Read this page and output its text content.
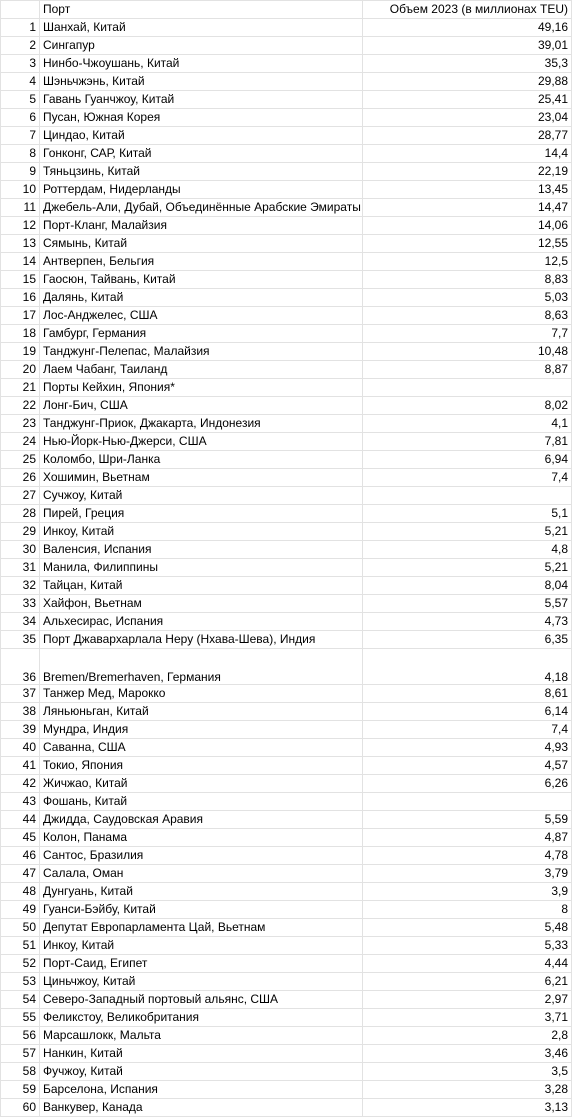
	Порт	Объем 2023 (в миллионах TEU)
1	Шанхай, Китай	49,16
2	Сингапур	39,01
3	Нинбо-Чжоушань, Китай	35,3
4	Шэньчжэнь, Китай	29,88
5	Гавань Гуанчжоу, Китай	25,41
6	Пусан, Южная Корея	23,04
7	Циндао, Китай	28,77
8	Гонконг, САР, Китай	14,4
9	Тяньцзинь, Китай	22,19
10	Роттердам, Нидерланды	13,45
11	Джебель-Али, Дубай, Объединённые Арабские Эмираты	14,47
12	Порт-Кланг, Малайзия	14,06
13	Сямынь, Китай	12,55
14	Антверпен, Бельгия	12,5
15	Гаосюн, Тайвань, Китай	8,83
16	Далянь, Китай	5,03
17	Лос-Анджелес, США	8,63
18	Гамбург, Германия	7,7
19	Танджунг-Пелепас, Малайзия	10,48
20	Лаем Чабанг, Таиланд	8,87
21	Порты Кейхин, Япония*	
22	Лонг-Бич, США	8,02
23	Танджунг-Приок, Джакарта, Индонезия	4,1
24	Нью-Йорк-Нью-Джерси, США	7,81
25	Коломбо, Шри-Ланка	6,94
26	Хошимин, Вьетнам	7,4
27	Сучжоу, Китай	
28	Пирей, Греция	5,1
29	Инкоу, Китай	5,21
30	Валенсия, Испания	4,8
31	Манила, Филиппины	5,21
32	Тайцан, Китай	8,04
33	Хайфон, Вьетнам	5,57
34	Альхесирас, Испания	4,73
35	Порт Джавархарлала Неру (Нхава-Шева), Индия	6,35
36	Bremen/Bremerhaven, Германия	4,18
37	Танжер Мед, Марокко	8,61
38	Ляньюньган, Китай	6,14
39	Мундра, Индия	7,4
40	Саванна, США	4,93
41	Токио, Япония	4,57
42	Жичжао, Китай	6,26
43	Фошань, Китай	
44	Джидда, Саудовская Аравия	5,59
45	Колон, Панама	4,87
46	Сантос, Бразилия	4,78
47	Салала, Оман	3,79
48	Дунгуань, Китай	3,9
49	Гуанси-Бэйбу, Китай	8
50	Депутат Европарламента Цай, Вьетнам	5,48
51	Инкоу, Китай	5,33
52	Порт-Саид, Египет	4,44
53	Циньчжоу, Китай	6,21
54	Северо-Западный портовый альянс, США	2,97
55	Феликстоу, Великобритания	3,71
56	Марсашлокк, Мальта	2,8
57	Нанкин, Китай	3,46
58	Фучжоу, Китай	3,5
59	Барселона, Испания	3,28
60	Ванкувер, Канада	3,13
